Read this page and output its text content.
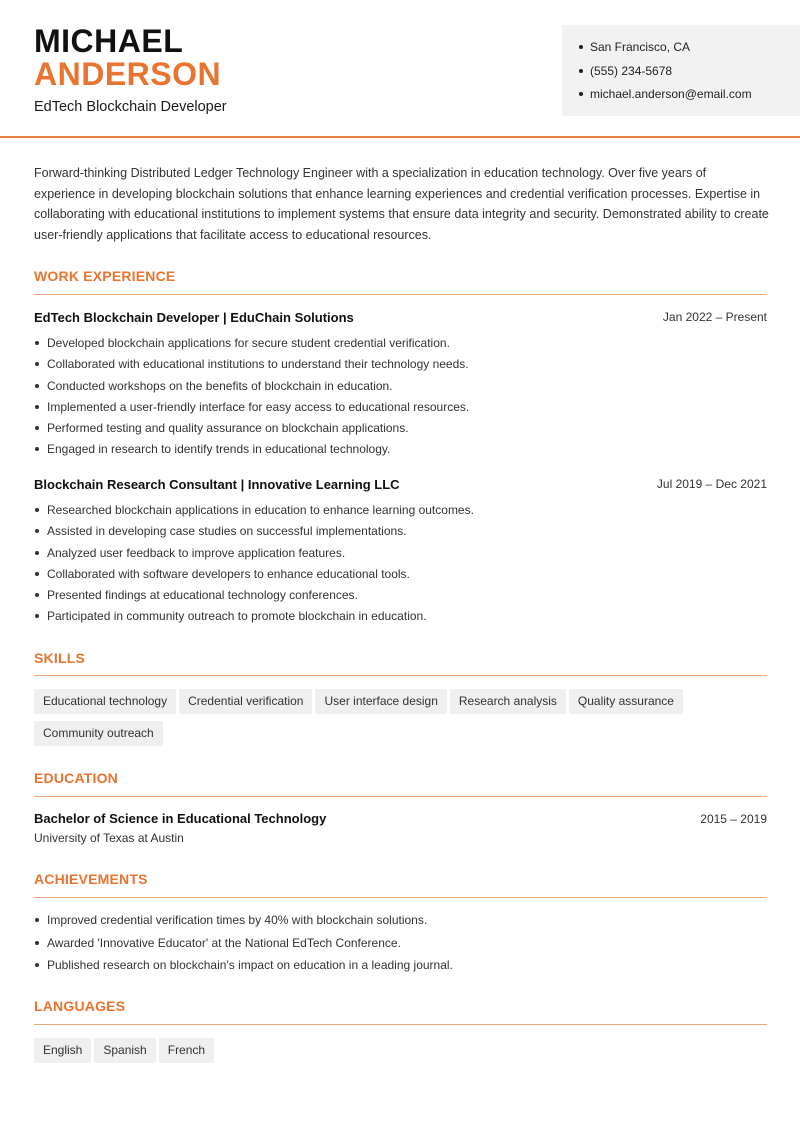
MICHAEL
ANDERSON
EdTech Blockchain Developer
San Francisco, CA
(555) 234-5678
michael.anderson@email.com
Forward-thinking Distributed Ledger Technology Engineer with a specialization in education technology. Over five years of experience in developing blockchain solutions that enhance learning experiences and credential verification processes. Expertise in collaborating with educational institutions to implement systems that ensure data integrity and security. Demonstrated ability to create user-friendly applications that facilitate access to educational resources.
WORK EXPERIENCE
EdTech Blockchain Developer | EduChain Solutions	Jan 2022 – Present
Developed blockchain applications for secure student credential verification.
Collaborated with educational institutions to understand their technology needs.
Conducted workshops on the benefits of blockchain in education.
Implemented a user-friendly interface for easy access to educational resources.
Performed testing and quality assurance on blockchain applications.
Engaged in research to identify trends in educational technology.
Blockchain Research Consultant | Innovative Learning LLC	Jul 2019 – Dec 2021
Researched blockchain applications in education to enhance learning outcomes.
Assisted in developing case studies on successful implementations.
Analyzed user feedback to improve application features.
Collaborated with software developers to enhance educational tools.
Presented findings at educational technology conferences.
Participated in community outreach to promote blockchain in education.
SKILLS
Educational technology Credential verification User interface design Research analysis Quality assuranceCommunity outreach
EDUCATION
Bachelor of Science in Educational Technology	2015 – 2019
University of Texas at Austin
ACHIEVEMENTS
Improved credential verification times by 40% with blockchain solutions.
Awarded 'Innovative Educator' at the National EdTech Conference.
Published research on blockchain's impact on education in a leading journal.
LANGUAGES
English Spanish French
